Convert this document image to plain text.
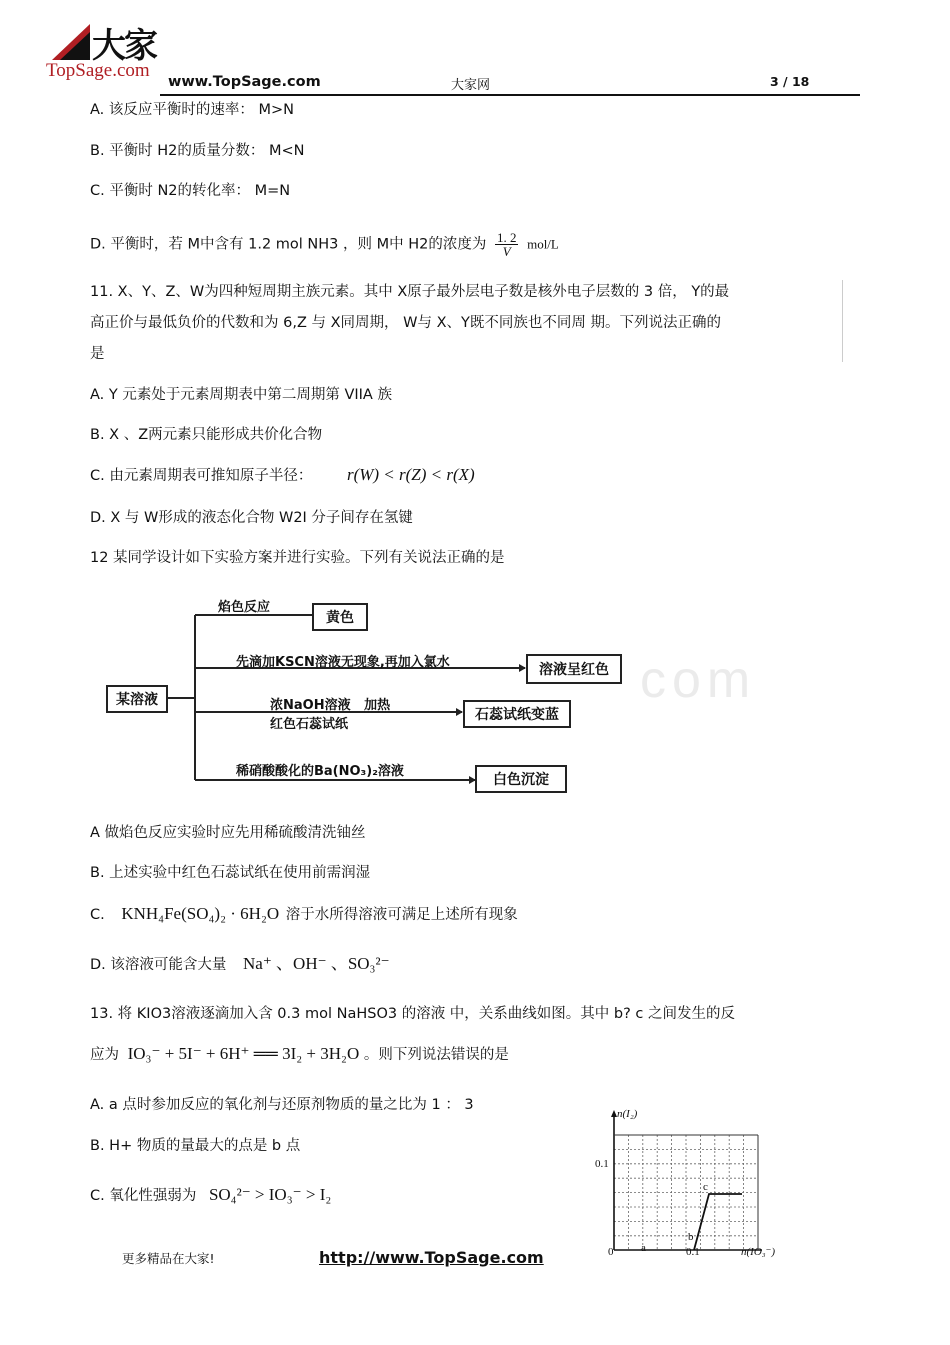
大家
TopSage.com
www.TopSage.com	大家网	3 / 18
A. 该反应平衡时的速率： M>N
B. 平衡时 H2的质量分数： M<N
C. 平衡时 N2的转化率： M=N
D. 平衡时，若 M中含有 1.2 mol NH3 ，则 M中 H2的浓度为 $\frac{1. 2}{V} mol/L$
11. X、Y、Z、W为四种短周期主族元素。其中 X原子最外层电子数是核外电子层数的 3 倍， Y的最
高正价与最低负价的代数和为 6,Z 与 X同周期， W与 X、Y既不同族也不同周 期。下列说法正确的
是
A. Y 元素处于元素周期表中第二周期第 VIIA 族
B. X 、Z两元素只能形成共价化合物
C. 由元素周期表可推知原子半径： r(W) < r(Z) < r(X)
D. X 与 W形成的液态化合物 W2I 分子间存在氢键
12 某同学设计如下实验方案并进行实验。下列有关说法正确的是
某溶液
焰色反应
黄色
先滴加KSCN溶液无现象,再加入氯水	溶液呈红色
浓NaOH溶液   加热
红色石蕊试纸
石蕊试纸变蓝
稀硝酸酸化的Ba(NO₃)₂溶液
白色沉淀
com
A 做焰色反应实验时应先用稀硫酸清洗铀丝
B. 上述实验中红色石蕊试纸在使用前需润湿
C. KNH₄Fe(SO₄)₂ · 6H₂O 溶于水所得溶液可满足上述所有现象
D. 该溶液可能含大量 Na⁺ 、OH⁻ 、SO₃²⁻
13. 将 KIO3溶液逐滴加入含 0.3 mol NaHSO3 的溶液 中，关系曲线如图。其中 b? c 之间发生的反
应为 IO₃⁻ + 5I⁻ + 6H⁺ ══ 3I₂ + 3H₂O 。则下列说法错误的是
A. a 点时参加反应的氧化剂与还原剂物质的量之比为 1 ： 3
B. H+ 物质的量最大的点是 b 点
C. 氧化性强弱为 SO₄²⁻ > IO₃⁻ > I₂
n(I₂)
n(IO₃⁻)
0.1
0.1
0	a
b
c
更多精品在大家!	http://www.TopSage.com
